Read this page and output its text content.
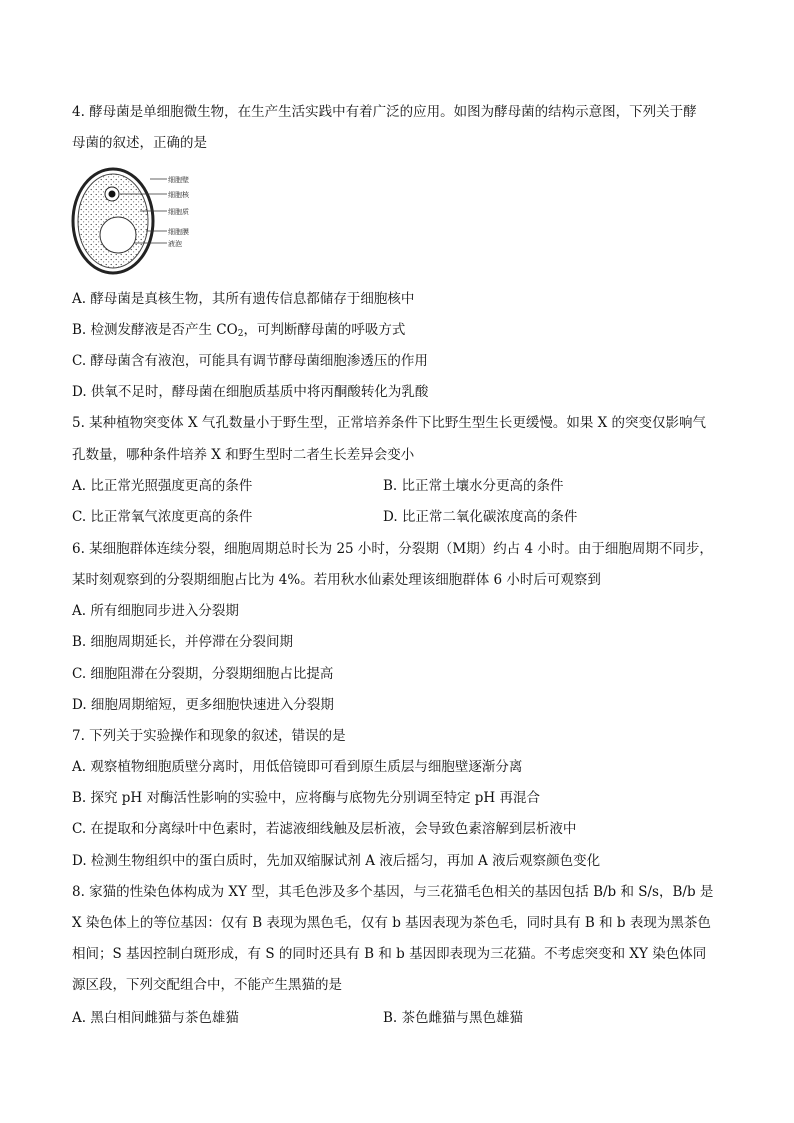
4. 酵母菌是单细胞微生物，在生产生活实践中有着广泛的应用。如图为酵母菌的结构示意图，下列关于酵
母菌的叙述，正确的是
细胞壁
细胞核
细胞质
细胞膜
液泡
A. 酵母菌是真核生物，其所有遗传信息都储存于细胞核中
B. 检测发酵液是否产生 $CO_2$，可判断酵母菌的呼吸方式
C. 酵母菌含有液泡，可能具有调节酵母菌细胞渗透压的作用
D. 供氧不足时，酵母菌在细胞质基质中将丙酮酸转化为乳酸
5. 某种植物突变体 X 气孔数量小于野生型，正常培养条件下比野生型生长更缓慢。如果 X 的突变仅影响气
孔数量，哪种条件培养 X 和野生型时二者生长差异会变小
A. 比正常光照强度更高的条件	B. 比正常土壤水分更高的条件
C. 比正常氧气浓度更高的条件	D. 比正常二氧化碳浓度高的条件
6. 某细胞群体连续分裂，细胞周期总时长为 25 小时，分裂期（M期）约占 4 小时。由于细胞周期不同步，
某时刻观察到的分裂期细胞占比为 4%。若用秋水仙素处理该细胞群体 6 小时后可观察到
A. 所有细胞同步进入分裂期
B. 细胞周期延长，并停滞在分裂间期
C. 细胞阻滞在分裂期，分裂期细胞占比提高
D. 细胞周期缩短，更多细胞快速进入分裂期
7. 下列关于实验操作和现象的叙述，错误的是
A. 观察植物细胞质壁分离时，用低倍镜即可看到原生质层与细胞壁逐渐分离
B. 探究 pH 对酶活性影响的实验中，应将酶与底物先分别调至特定 pH 再混合
C. 在提取和分离绿叶中色素时，若滤液细线触及层析液，会导致色素溶解到层析液中
D. 检测生物组织中的蛋白质时，先加双缩脲试剂 A 液后摇匀，再加 A 液后观察颜色变化
8. 家猫的性染色体构成为 XY 型，其毛色涉及多个基因，与三花猫毛色相关的基因包括 B/b 和 S/s，B/b 是
X 染色体上的等位基因：仅有 B 表现为黑色毛，仅有 b 基因表现为茶色毛，同时具有 B 和 b 表现为黑茶色
相间；S 基因控制白斑形成，有 S 的同时还具有 B 和 b 基因即表现为三花猫。不考虑突变和 XY 染色体同
源区段，下列交配组合中，不能产生黑猫的是
A. 黑白相间雌猫与茶色雄猫	B. 茶色雌猫与黑色雄猫
